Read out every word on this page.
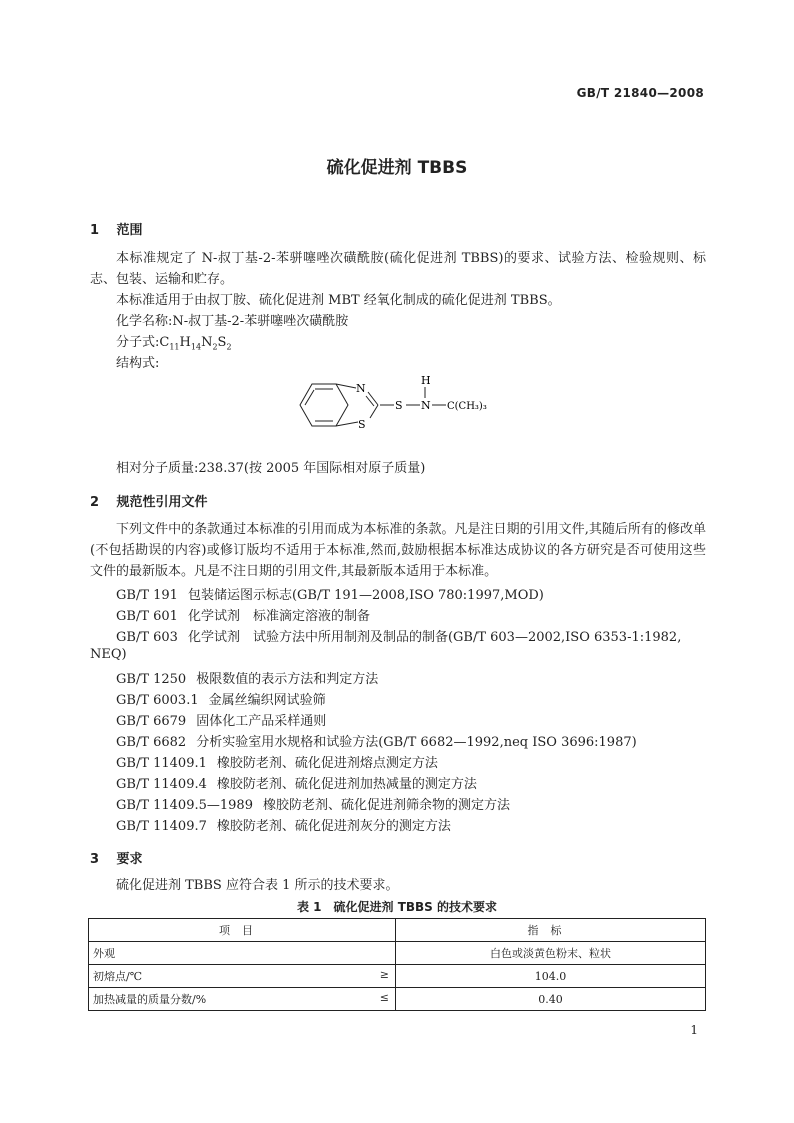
GB/T 21840—2008
硫化促进剂 TBBS
1 范围
本标准规定了 N-叔丁基-2-苯骈噻唑次磺酰胺(硫化促进剂 TBBS)的要求、试验方法、检验规则、标志、包装、运输和贮存。
本标准适用于由叔丁胺、硫化促进剂 MBT 经氧化制成的硫化促进剂 TBBS。
化学名称:N-叔丁基-2-苯骈噻唑次磺酰胺
分子式$:C_{11}H_{14}N_2S_2$
结构式:
N
S
S
H
N C(CH₃)₃
相对分子质量:238.37(按 2005 年国际相对原子质量)
2 规范性引用文件
下列文件中的条款通过本标准的引用而成为本标准的条款。凡是注日期的引用文件,其随后所有的修改单(不包括勘误的内容)或修订版均不适用于本标准,然而,鼓励根据本标准达成协议的各方研究是否可使用这些文件的最新版本。凡是不注日期的引用文件,其最新版本适用于本标准。
GB/T 191 包装储运图示标志(GB/T 191—2008,ISO 780:1997,MOD)
GB/T 601 化学试剂　标准滴定溶液的制备
GB/T 603 化学试剂　试验方法中所用制剂及制品的制备(GB/T 603—2002,ISO 6353-1:1982,
NEQ)
GB/T 1250 极限数值的表示方法和判定方法
GB/T 6003.1 金属丝编织网试验筛
GB/T 6679 固体化工产品采样通则
GB/T 6682 分析实验室用水规格和试验方法(GB/T 6682—1992,neq ISO 3696:1987)
GB/T 11409.1 橡胶防老剂、硫化促进剂熔点测定方法
GB/T 11409.4 橡胶防老剂、硫化促进剂加热减量的测定方法
GB/T 11409.5—1989 橡胶防老剂、硫化促进剂筛余物的测定方法
GB/T 11409.7 橡胶防老剂、硫化促进剂灰分的测定方法
3 要求
硫化促进剂 TBBS 应符合表 1 所示的技术要求。
表 1　硫化促进剂 TBBS 的技术要求
项目	指标
外观	白色或淡黄色粉末、粒状
初熔点/℃ ≥	104.0
加热减量的质量分数/% ≤	0.40
1
